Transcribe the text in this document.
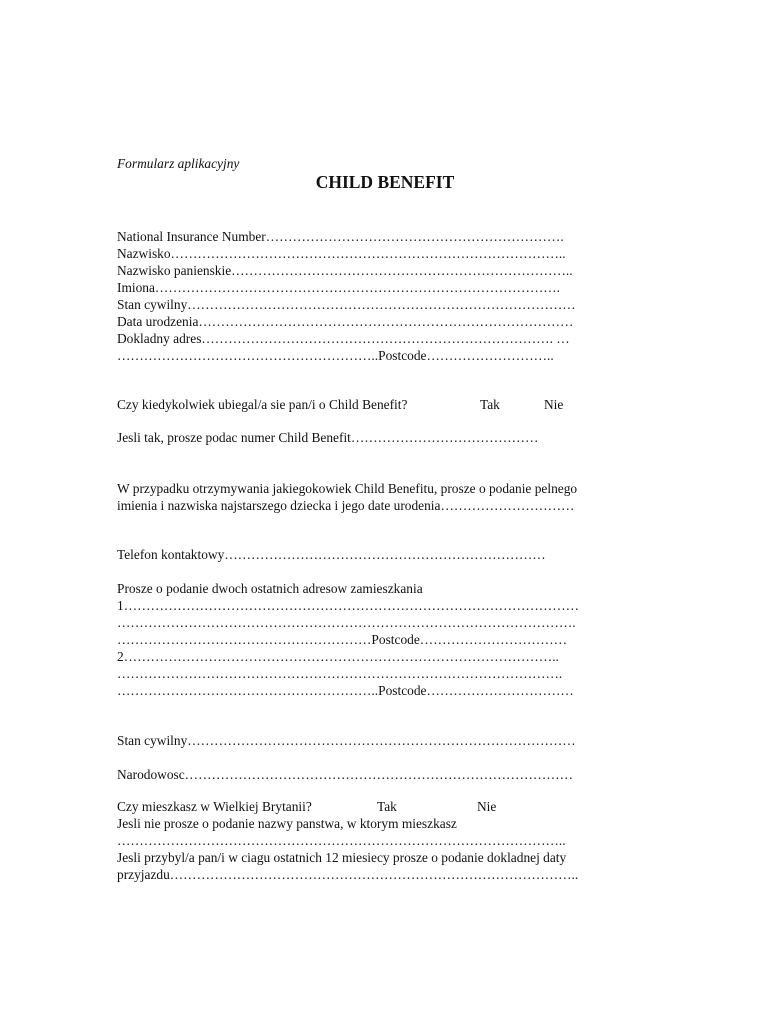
Formularz aplikacyjny
CHILD BENEFIT
National Insurance Number………………………………………………………….
Nazwisko……………………………………………………………………………..
Nazwisko panienskie…………………………………………………………………..
Imiona……………………………………………………………………………….
Stan cywilny……………………………………………………………………………
Data urodzenia…………………………………………………………………………
Dokladny adres……………………………………………………………………. …
…………………………………………………..Postcode………………………..
Czy kiedykolwiek ubiegal/a sie pan/i o Child Benefit?	Tak	Nie
Jesli tak, prosze podac numer Child Benefit……………………………………
W przypadku otrzymywania jakiegokowiek Child Benefitu, prosze o podanie pelnego
imienia i nazwiska najstarszego dziecka i jego date urodenia…………………………
Telefon kontaktowy………………………………………………………………
Prosze o podanie dwoch ostatnich adresow zamieszkania
1…………………………………………………………………………………………
………………………………………………………………………………………….
…………………………………………………Postcode……………………………
2……………………………………………………………………………………..
……………………………………………………………………………………….
…………………………………………………..Postcode……………………………
Stan cywilny……………………………………………………………………………
Narodowosc……………………………………………………………………………
Czy mieszkasz w Wielkiej Brytanii?	Tak	Nie
Jesli nie prosze o podanie nazwy panstwa, w ktorym mieszkasz
………………………………………………………………………………………..
Jesli przybyl/a pan/i w ciagu ostatnich 12 miesiecy prosze o podanie dokladnej daty
przyjazdu………………………………………………………………………………..
